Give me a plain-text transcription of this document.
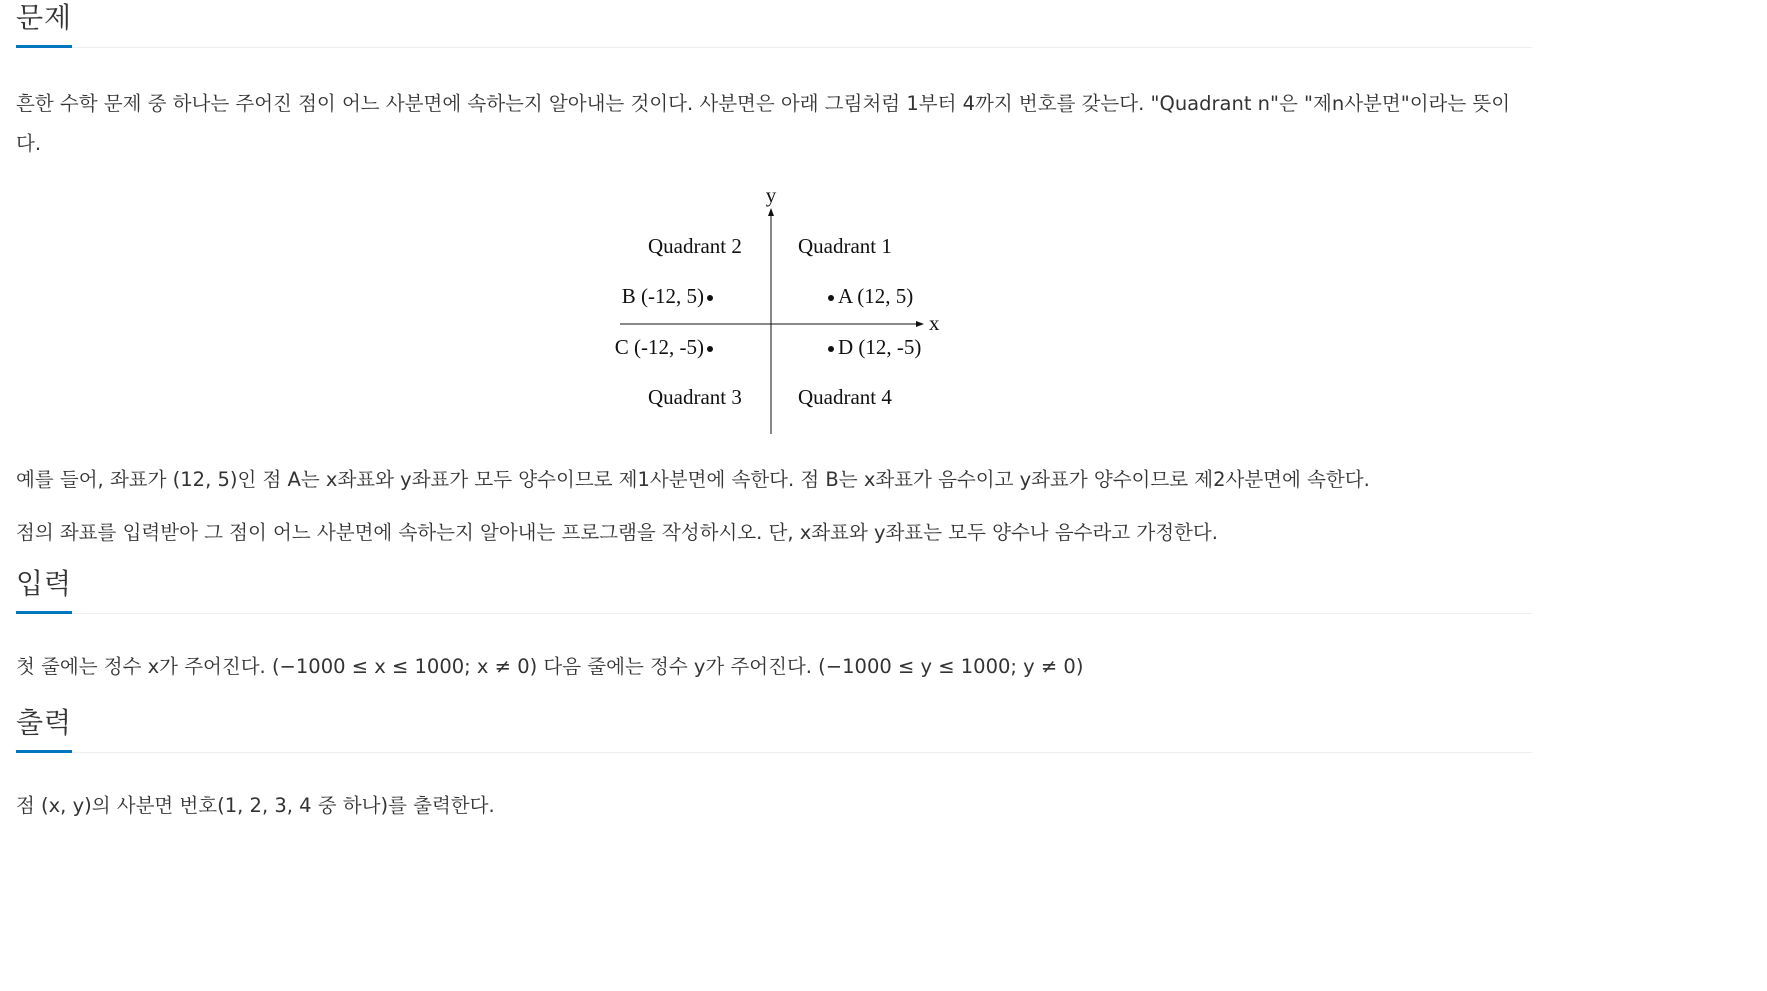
문제

흔한 수학 문제 중 하나는 주어진 점이 어느 사분면에 속하는지 알아내는 것이다. 사분면은 아래 그림처럼 1부터 4까지 번호를 갖는다. "Quadrant n"은 "제n사분면"이라는 뜻이다.

y
x
Quadrant 2	Quadrant 1
Quadrant 3	Quadrant 4
B (-12, 5)	A (12, 5)
C (-12, -5)	D (12, -5)

예를 들어, 좌표가 (12, 5)인 점 A는 x좌표와 y좌표가 모두 양수이므로 제1사분면에 속한다. 점 B는 x좌표가 음수이고 y좌표가 양수이므로 제2사분면에 속한다.

점의 좌표를 입력받아 그 점이 어느 사분면에 속하는지 알아내는 프로그램을 작성하시오. 단, x좌표와 y좌표는 모두 양수나 음수라고 가정한다.

입력

첫 줄에는 정수 x가 주어진다. (−1000 ≤ x ≤ 1000; x ≠ 0) 다음 줄에는 정수 y가 주어진다. (−1000 ≤ y ≤ 1000; y ≠ 0)

출력

점 (x, y)의 사분면 번호(1, 2, 3, 4 중 하나)를 출력한다.
